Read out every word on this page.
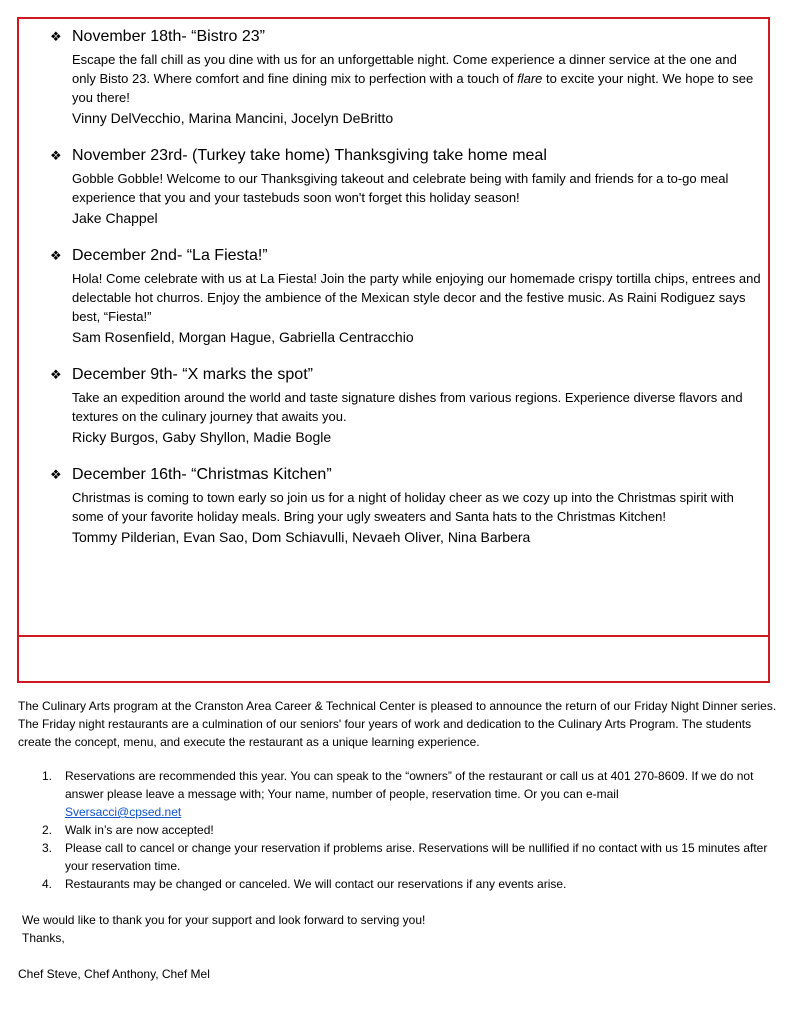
❖ November 18th- “Bistro 23”
Escape the fall chill as you dine with us for an unforgettable night. Come experience a dinner service at the one and only Bisto 23. Where comfort and fine dining mix to perfection with a touch of flare to excite your night. We hope to see you there!
Vinny DelVecchio, Marina Mancini, Jocelyn DeBritto
❖ November 23rd- (Turkey take home) Thanksgiving take home meal
Gobble Gobble! Welcome to our Thanksgiving takeout and celebrate being with family and friends for a to-go meal experience that you and your tastebuds soon won't forget this holiday season!
Jake Chappel
❖ December 2nd- “La Fiesta!”
Hola! Come celebrate with us at La Fiesta! Join the party while enjoying our homemade crispy tortilla chips, entrees and delectable hot churros. Enjoy the ambience of the Mexican style decor and the festive music. As Raini Rodiguez says best, “Fiesta!”
Sam Rosenfield, Morgan Hague, Gabriella Centracchio
❖ December 9th- “X marks the spot”
Take an expedition around the world and taste signature dishes from various regions. Experience diverse flavors and textures on the culinary journey that awaits you.
Ricky Burgos, Gaby Shyllon, Madie Bogle
❖ December 16th- “Christmas Kitchen”
Christmas is coming to town early so join us for a night of holiday cheer as we cozy up into the Christmas spirit with some of your favorite holiday meals. Bring your ugly sweaters and Santa hats to the Christmas Kitchen!
Tommy Pilderian, Evan Sao, Dom Schiavulli, Nevaeh Oliver, Nina Barbera

The Culinary Arts program at the Cranston Area Career & Technical Center is pleased to announce the return of our Friday Night Dinner series. The Friday night restaurants are a culmination of our seniors' four years of work and dedication to the Culinary Arts Program. The students create the concept, menu, and execute the restaurant as a unique learning experience.

1.	Reservations are recommended this year. You can speak to the “owners” of the restaurant or call us at 401 270-8609. If we do not answer please leave a message with; Your name, number of people, reservation time. Or you can e-mail
Sversacci@cpsed.net
2.	Walk in’s are now accepted!
3.	Please call to cancel or change your reservation if problems arise. Reservations will be nullified if no contact with us 15 minutes after your reservation time.
4.	Restaurants may be changed or canceled. We will contact our reservations if any events arise.
We would like to thank you for your support and look forward to serving you!
Thanks,
Chef Steve, Chef Anthony, Chef Mel
